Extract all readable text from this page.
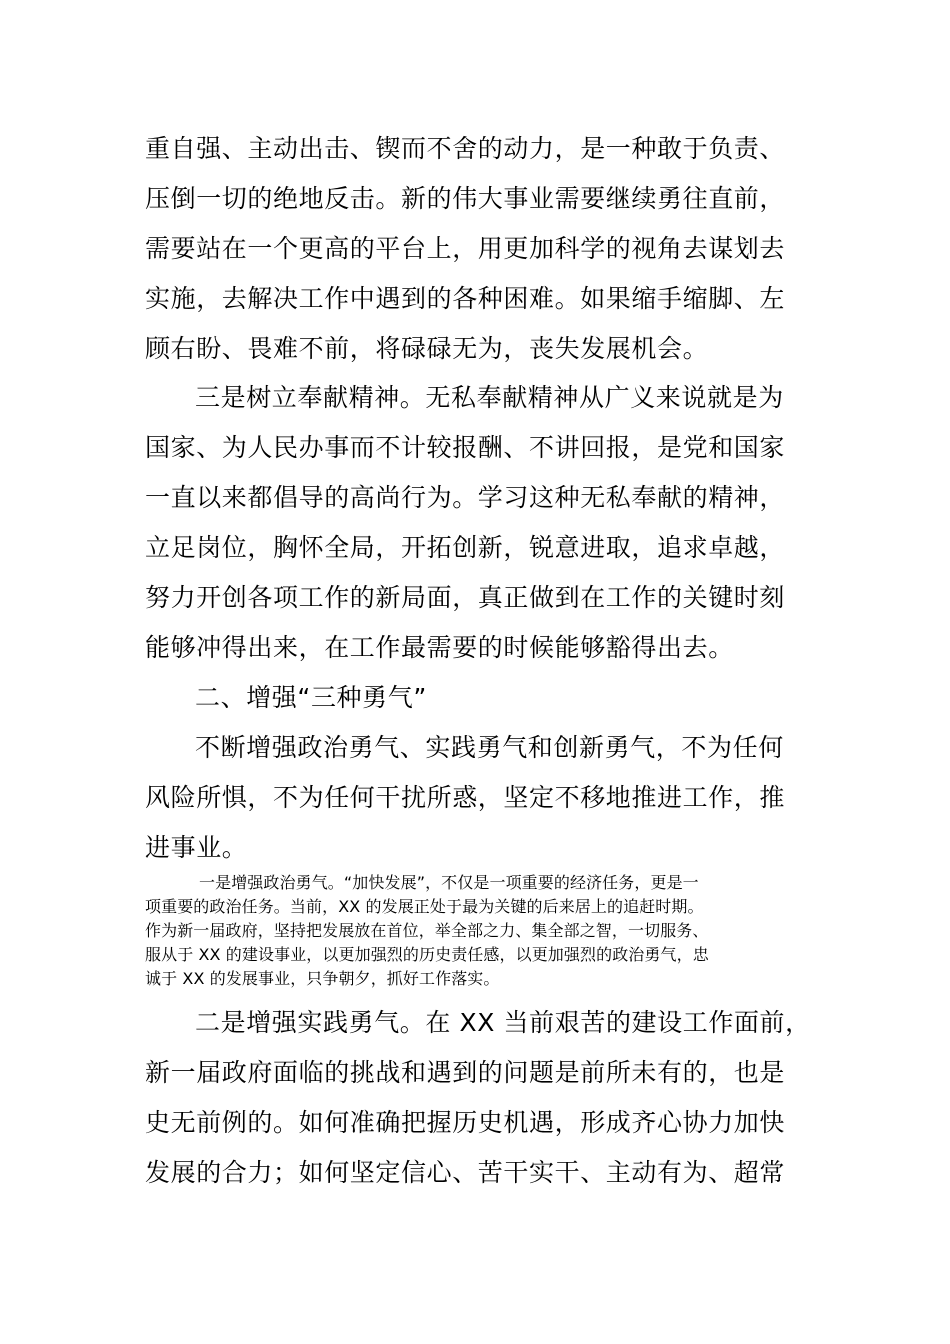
重自强、主动出击、锲而不舍的动力，是一种敢于负责、
压倒一切的绝地反击。新的伟大事业需要继续勇往直前，
需要站在一个更高的平台上，用更加科学的视角去谋划去
实施，去解决工作中遇到的各种困难。如果缩手缩脚、左
顾右盼、畏难不前，将碌碌无为，丧失发展机会。
三是树立奉献精神。无私奉献精神从广义来说就是为
国家、为人民办事而不计较报酬、不讲回报，是党和国家
一直以来都倡导的高尚行为。学习这种无私奉献的精神，
立足岗位，胸怀全局，开拓创新，锐意进取，追求卓越，
努力开创各项工作的新局面，真正做到在工作的关键时刻
能够冲得出来，在工作最需要的时候能够豁得出去。
二、增强“三种勇气”
不断增强政治勇气、实践勇气和创新勇气，不为任何
风险所惧，不为任何干扰所惑，坚定不移地推进工作，推
进事业。
一是增强政治勇气。“加快发展”，不仅是一项重要的经济任务，更是一
项重要的政治任务。当前，XX 的发展正处于最为关键的后来居上的追赶时期。
作为新一届政府，坚持把发展放在首位，举全部之力、集全部之智，一切服务、
服从于 XX 的建设事业，以更加强烈的历史责任感，以更加强烈的政治勇气，忠
诚于 XX 的发展事业，只争朝夕，抓好工作落实。
二是增强实践勇气。在 XX 当前艰苦的建设工作面前，
新一届政府面临的挑战和遇到的问题是前所未有的，也是
史无前例的。如何准确把握历史机遇，形成齐心协力加快
发展的合力；如何坚定信心、苦干实干、主动有为、超常
